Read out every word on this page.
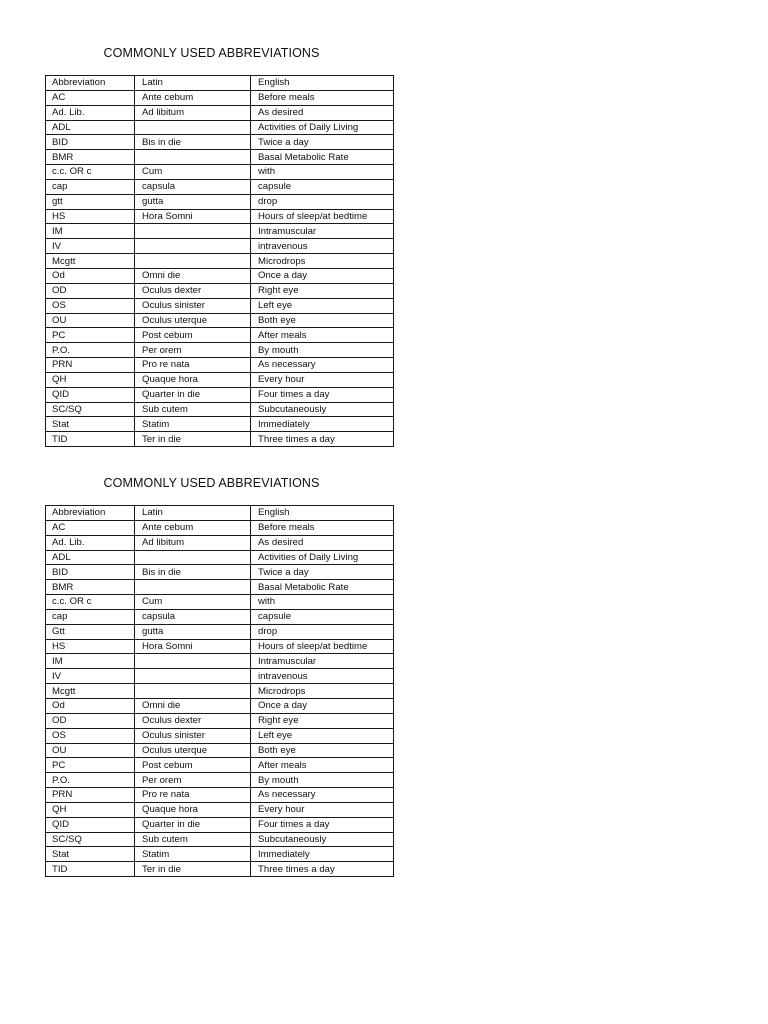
COMMONLY USED ABBREVIATIONS
Abbreviation	Latin	English
AC	Ante cebum	Before meals
Ad. Lib.	Ad libitum	As desired
ADL		Activities of Daily Living
BID	Bis in die	Twice a day
BMR		Basal Metabolic Rate
c.c. OR c	Cum	with
cap	capsula	capsule
gtt	gutta	drop
HS	Hora Somni	Hours of sleep/at bedtime
IM		Intramuscular
IV		intravenous
Mcgtt		Microdrops
Od	Omni die	Once a day
OD	Oculus dexter	Right eye
OS	Oculus sinister	Left eye
OU	Oculus uterque	Both eye
PC	Post cebum	After meals
P.O.	Per orem	By mouth
PRN	Pro re nata	As necessary
QH	Quaque hora	Every hour
QID	Quarter in die	Four times a day
SC/SQ	Sub cutem	Subcutaneously
Stat	Statim	Immediately
TID	Ter in die	Three times a day
COMMONLY USED ABBREVIATIONS
Abbreviation	Latin	English
AC	Ante cebum	Before meals
Ad. Lib.	Ad libitum	As desired
ADL		Activities of Daily Living
BID	Bis in die	Twice a day
BMR		Basal Metabolic Rate
c.c. OR c	Cum	with
cap	capsula	capsule
Gtt	gutta	drop
HS	Hora Somni	Hours of sleep/at bedtime
IM		Intramuscular
IV		intravenous
Mcgtt		Microdrops
Od	Omni die	Once a day
OD	Oculus dexter	Right eye
OS	Oculus sinister	Left eye
OU	Oculus uterque	Both eye
PC	Post cebum	After meals
P.O.	Per orem	By mouth
PRN	Pro re nata	As necessary
QH	Quaque hora	Every hour
QID	Quarter in die	Four times a day
SC/SQ	Sub cutem	Subcutaneously
Stat	Statim	Immediately
TID	Ter in die	Three times a day
